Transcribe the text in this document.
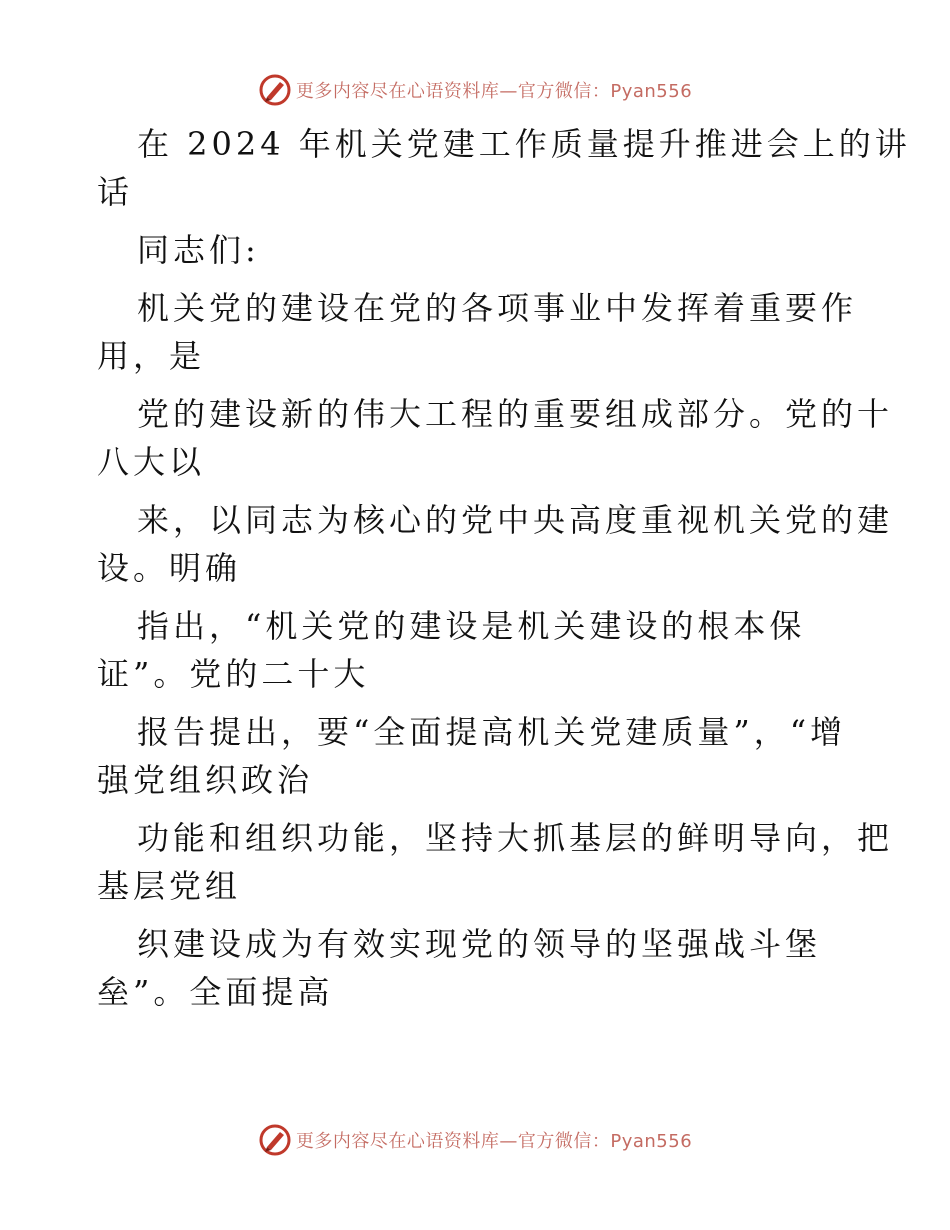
更多内容尽在心语资料库—官方微信：Pyan556
在 2024 年机关党建工作质量提升推进会上的讲
话
同志们:
机关党的建设在党的各项事业中发挥着重要作
用，是
党的建设新的伟大工程的重要组成部分。党的十
八大以
来，以同志为核心的党中央高度重视机关党的建
设。明确
指出，“机关党的建设是机关建设的根本保
证”。党的二十大
报告提出，要“全面提高机关党建质量”，“增
强党组织政治
功能和组织功能，坚持大抓基层的鲜明导向，把
基层党组
织建设成为有效实现党的领导的坚强战斗堡
垒”。全面提高
更多内容尽在心语资料库—官方微信：Pyan556
